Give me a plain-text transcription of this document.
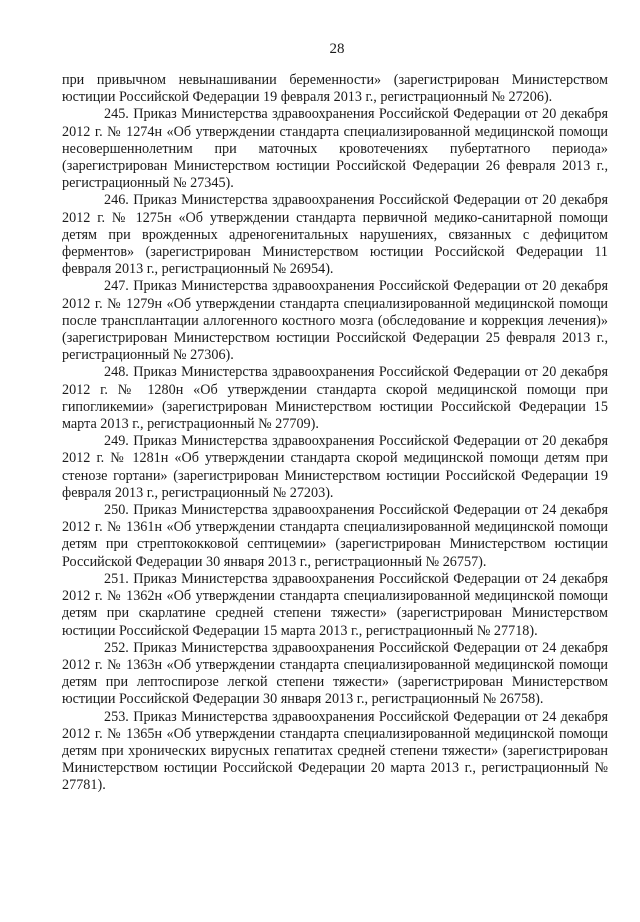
28

при привычном невынашивании беременности» (зарегистрирован Министерством юстиции Российской Федерации 19 февраля 2013 г., регистрационный № 27206).

245. Приказ Министерства здравоохранения Российской Федерации от 20 декабря 2012 г. № 1274н «Об утверждении стандарта специализированной медицинской помощи несовершеннолетним при маточных кровотечениях пубертатного периода» (зарегистрирован Министерством юстиции Российской Федерации 26 февраля 2013 г., регистрационный № 27345).

246. Приказ Министерства здравоохранения Российской Федерации от 20 декабря 2012 г. № 1275н «Об утверждении стандарта первичной медико-санитарной помощи детям при врожденных адреногенитальных нарушениях, связанных с дефицитом ферментов» (зарегистрирован Министерством юстиции Российской Федерации 11 февраля 2013 г., регистрационный № 26954).

247. Приказ Министерства здравоохранения Российской Федерации от 20 декабря 2012 г. № 1279н «Об утверждении стандарта специализированной медицинской помощи после трансплантации аллогенного костного мозга (обследование и коррекция лечения)» (зарегистрирован Министерством юстиции Российской Федерации 25 февраля 2013 г., регистрационный № 27306).

248. Приказ Министерства здравоохранения Российской Федерации от 20 декабря 2012 г. № 1280н «Об утверждении стандарта скорой медицинской помощи при гипогликемии» (зарегистрирован Министерством юстиции Российской Федерации 15 марта 2013 г., регистрационный № 27709).

249. Приказ Министерства здравоохранения Российской Федерации от 20 декабря 2012 г. № 1281н «Об утверждении стандарта скорой медицинской помощи детям при стенозе гортани» (зарегистрирован Министерством юстиции Российской Федерации 19 февраля 2013 г., регистрационный № 27203).

250. Приказ Министерства здравоохранения Российской Федерации от 24 декабря 2012 г. № 1361н «Об утверждении стандарта специализированной медицинской помощи детям при стрептококковой септицемии» (зарегистрирован Министерством юстиции Российской Федерации 30 января 2013 г., регистрационный № 26757).

251. Приказ Министерства здравоохранения Российской Федерации от 24 декабря 2012 г. № 1362н «Об утверждении стандарта специализированной медицинской помощи детям при скарлатине средней степени тяжести» (зарегистрирован Министерством юстиции Российской Федерации 15 марта 2013 г., регистрационный № 27718).

252. Приказ Министерства здравоохранения Российской Федерации от 24 декабря 2012 г. № 1363н «Об утверждении стандарта специализированной медицинской помощи детям при лептоспирозе легкой степени тяжести» (зарегистрирован Министерством юстиции Российской Федерации 30 января 2013 г., регистрационный № 26758).

253. Приказ Министерства здравоохранения Российской Федерации от 24 декабря 2012 г. № 1365н «Об утверждении стандарта специализированной медицинской помощи детям при хронических вирусных гепатитах средней степени тяжести» (зарегистрирован Министерством юстиции Российской Федерации 20 марта 2013 г., регистрационный № 27781).
